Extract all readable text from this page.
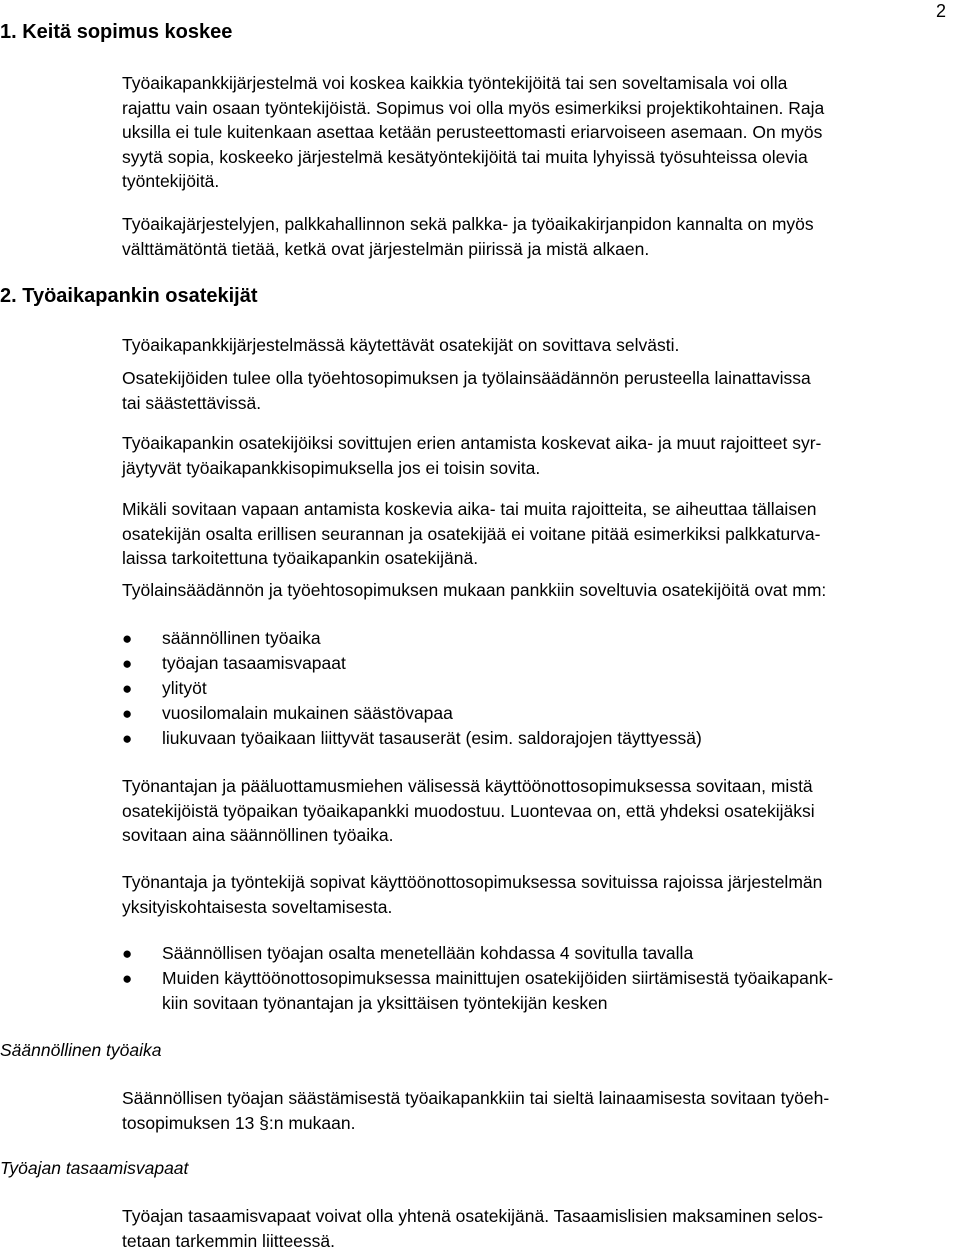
2
1. Keitä sopimus koskee
Työaikapankkijärjestelmä voi koskea kaikkia työntekijöitä tai sen soveltamisala voi olla
rajattu vain osaan työntekijöistä. Sopimus voi olla myös esimerkiksi projektikohtainen. Raja
uksilla ei tule kuitenkaan asettaa ketään perusteettomasti eriarvoiseen asemaan. On myös
syytä sopia, koskeeko järjestelmä kesätyöntekijöitä tai muita lyhyissä työsuhteissa olevia
työntekijöitä.
Työaikajärjestelyjen, palkkahallinnon sekä palkka- ja työaikakirjanpidon kannalta on myös
välttämätöntä tietää, ketkä ovat järjestelmän piirissä ja mistä alkaen.
2. Työaikapankin osatekijät
Työaikapankkijärjestelmässä käytettävät osatekijät on sovittava selvästi.
Osatekijöiden tulee olla työehtosopimuksen ja työlainsäädännön perusteella lainattavissa
tai säästettävissä.
Työaikapankin osatekijöiksi sovittujen erien antamista koskevat aika- ja muut rajoitteet syr-
jäytyvät työaikapankkisopimuksella jos ei toisin sovita.
Mikäli sovitaan vapaan antamista koskevia aika- tai muita rajoitteita, se aiheuttaa tällaisen
osatekijän osalta erillisen seurannan ja osatekijää ei voitane pitää esimerkiksi palkkaturva-
laissa tarkoitettuna työaikapankin osatekijänä.
Työlainsäädännön ja työehtosopimuksen mukaan pankkiin soveltuvia osatekijöitä ovat mm:
● säännöllinen työaika
● työajan tasaamisvapaat
● ylityöt
● vuosilomalain mukainen säästövapaa
● liukuvaan työaikaan liittyvät tasauserät (esim. saldorajojen täyttyessä)
Työnantajan ja pääluottamusmiehen välisessä käyttöönottosopimuksessa sovitaan, mistä
osatekijöistä työpaikan työaikapankki muodostuu. Luontevaa on, että yhdeksi osatekijäksi
sovitaan aina säännöllinen työaika.
Työnantaja ja työntekijä sopivat käyttöönottosopimuksessa sovituissa rajoissa järjestelmän
yksityiskohtaisesta soveltamisesta.
● Säännöllisen työajan osalta menetellään kohdassa 4 sovitulla tavalla
● Muiden käyttöönottosopimuksessa mainittujen osatekijöiden siirtämisestä työaikapank-
kiin sovitaan työnantajan ja yksittäisen työntekijän kesken
Säännöllinen työaika
Säännöllisen työajan säästämisestä työaikapankkiin tai sieltä lainaamisesta sovitaan työeh-
tosopimuksen 13 §:n mukaan.
Työajan tasaamisvapaat
Työajan tasaamisvapaat voivat olla yhtenä osatekijänä. Tasaamislisien maksaminen selos-
tetaan tarkemmin liitteessä.
